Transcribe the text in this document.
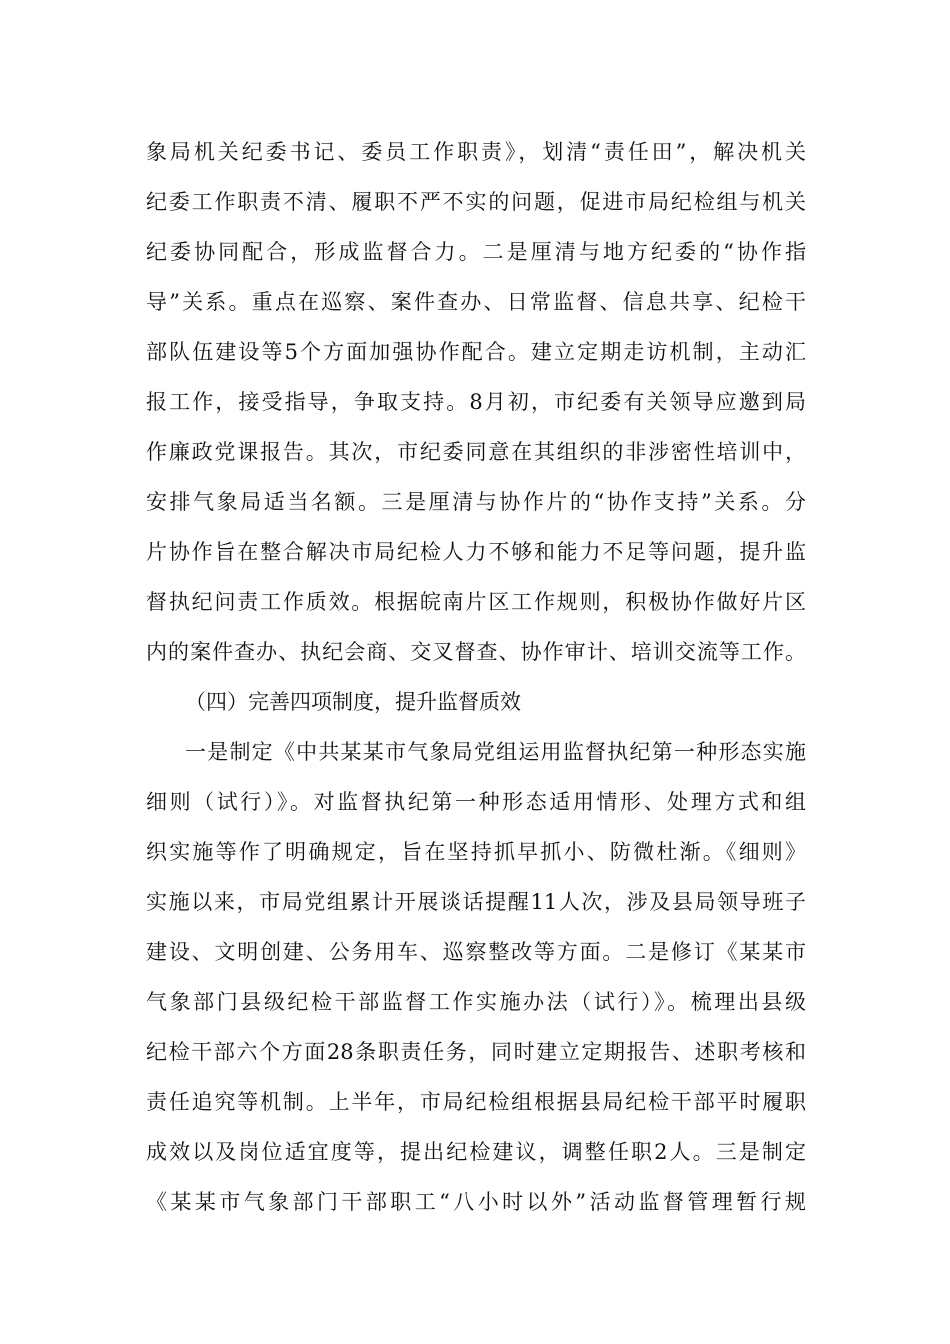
象局机关纪委书记、委员工作职责》，划清“责任田”，解决机关
纪委工作职责不清、履职不严不实的问题，促进市局纪检组与机关
纪委协同配合，形成监督合力。二是厘清与地方纪委的“协作指
导”关系。重点在巡察、案件查办、日常监督、信息共享、纪检干
部队伍建设等5个方面加强协作配合。建立定期走访机制，主动汇
报工作，接受指导，争取支持。8月初，市纪委有关领导应邀到局
作廉政党课报告。其次，市纪委同意在其组织的非涉密性培训中，
安排气象局适当名额。三是厘清与协作片的“协作支持”关系。分
片协作旨在整合解决市局纪检人力不够和能力不足等问题，提升监
督执纪问责工作质效。根据皖南片区工作规则，积极协作做好片区
内的案件查办、执纪会商、交叉督查、协作审计、培训交流等工作。
（四）完善四项制度，提升监督质效
一是制定《中共某某市气象局党组运用监督执纪第一种形态实施
细则（试行）》。对监督执纪第一种形态适用情形、处理方式和组
织实施等作了明确规定，旨在坚持抓早抓小、防微杜渐。《细则》
实施以来，市局党组累计开展谈话提醒11人次，涉及县局领导班子
建设、文明创建、公务用车、巡察整改等方面。二是修订《某某市
气象部门县级纪检干部监督工作实施办法（试行）》。梳理出县级
纪检干部六个方面28条职责任务，同时建立定期报告、述职考核和
责任追究等机制。上半年，市局纪检组根据县局纪检干部平时履职
成效以及岗位适宜度等，提出纪检建议，调整任职2人。三是制定
《某某市气象部门干部职工“八小时以外”活动监督管理暂行规
